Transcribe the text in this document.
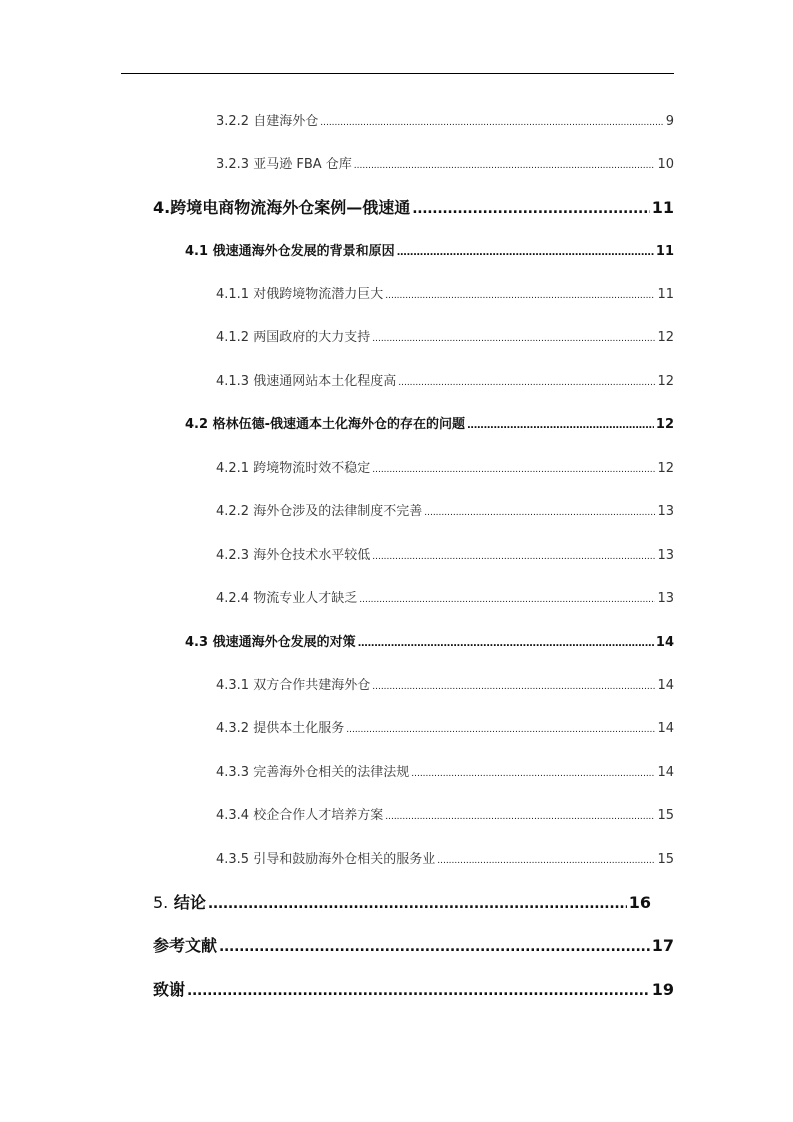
3.2.2 自建海外仓 .....	9
3.2.3 亚马逊 FBA 仓库 .....	10
4.跨境电商物流海外仓案例—俄速通 .....	11
4.1 俄速通海外仓发展的背景和原因 .....	11
4.1.1 对俄跨境物流潜力巨大 .....	11
4.1.2 两国政府的大力支持 .....	12
4.1.3 俄速通网站本土化程度高 .....	12
4.2 格林伍德-俄速通本土化海外仓的存在的问题 .....	12
4.2.1 跨境物流时效不稳定 .....	12
4.2.2 海外仓涉及的法律制度不完善 .....	13
4.2.3 海外仓技术水平较低 .....	13
4.2.4 物流专业人才缺乏 .....	13
4.3 俄速通海外仓发展的对策 .....	14
4.3.1 双方合作共建海外仓 .....	14
4.3.2 提供本土化服务 .....	14
4.3.3 完善海外仓相关的法律法规 .....	14
4.3.4 校企合作人才培养方案 .....	15
4.3.5 引导和鼓励海外仓相关的服务业 .....	15
5. 结论 .....	16
参考文献 .....	17
致谢 .....	19
